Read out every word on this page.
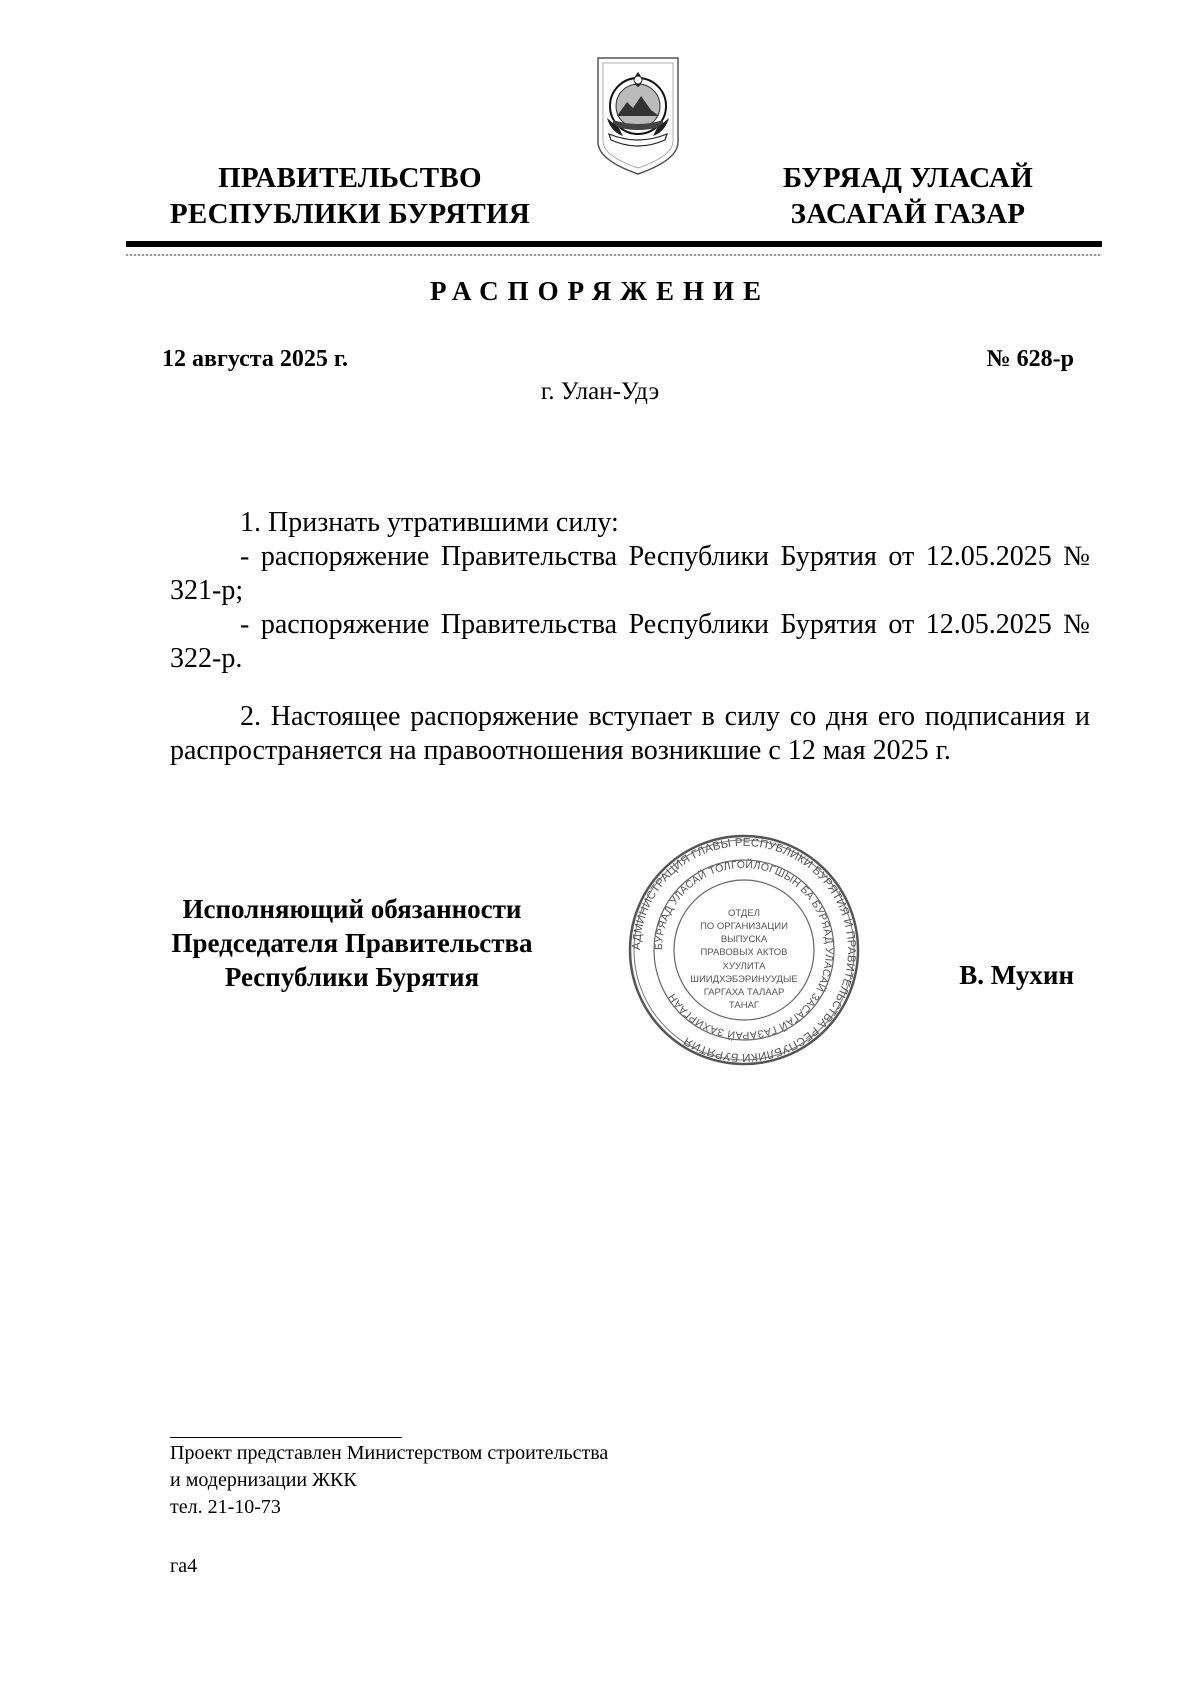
ПРАВИТЕЛЬСТВО
РЕСПУБЛИКИ БУРЯТИЯ
БУРЯАД УЛАСАЙ
ЗАСАГАЙ ГАЗАР
РАСПОРЯЖЕНИЕ
12 августа 2025 г.	№ 628-р
г. Улан-Удэ
1. Признать утратившими силу:
- распоряжение Правительства Республики Бурятия от 12.05.2025 № 321-р;
- распоряжение Правительства Республики Бурятия от 12.05.2025 № 322-р.
2. Настоящее распоряжение вступает в силу со дня его подписания и распространяется на правоотношения возникшие с 12 мая 2025 г.
Исполняющий обязанности
Председателя Правительства
Республики Бурятия	В. Мухин
АДМИНИСТРАЦИЯ ГЛАВЫ РЕСПУБЛИКИ БУРЯТИЯ И ПРАВИТЕЛЬСТВА РЕСПУБЛИКИ БУРЯТИЯ
БУРЯАД УЛАСАЙ ТОЛГОЙЛОГШЫН БА БУРЯАД УЛАСАЙ ЗАСАГАЙ ГАЗАРАЙ ЗАХИРГААН
ОТДЕЛ
ПО ОРГАНИЗАЦИИ
ВЫПУСКА
ПРАВОВЫХ АКТОВ
ХУУЛИТА
ШИИДХЭБЭРИНУУДЫЕ
ГАРГАХА ТАЛААР
ТАНАГ
Проект представлен Министерством строительства
и модернизации ЖКК
тел. 21-10-73
га4
